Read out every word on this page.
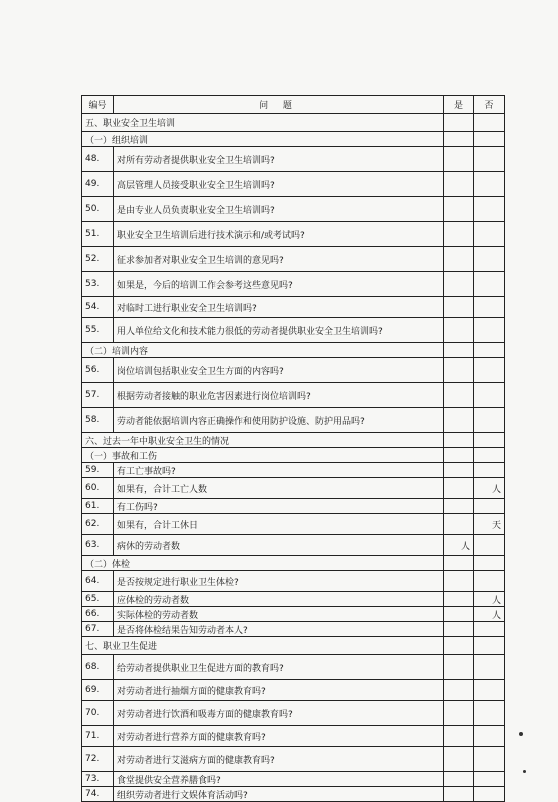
编号	问 题	是	否
五、职业安全卫生培训			
（一）组织培训			
48.	对所有劳动者提供职业安全卫生培训吗?		
49.	高层管理人员接受职业安全卫生培训吗?		
50.	是由专业人员负责职业安全卫生培训吗?		
51.	职业安全卫生培训后进行技术演示和/或考试吗?		
52.	征求参加者对职业安全卫生培训的意见吗?		
53.	如果是，今后的培训工作会参考这些意见吗?		
54.	对临时工进行职业安全卫生培训吗?		
55.	用人单位给文化和技术能力很低的劳动者提供职业安全卫生培训吗?		
（二）培训内容			
56.	岗位培训包括职业安全卫生方面的内容吗?		
57.	根据劳动者接触的职业危害因素进行岗位培训吗?		
58.	劳动者能依据培训内容正确操作和使用防护设施、防护用品吗?		
六、过去一年中职业安全卫生的情况			
（一）事故和工伤			
59.	有工亡事故吗?		
60.	如果有，合计工亡人数		人
61.	有工伤吗?		
62.	如果有，合计工休日		天
63.	病休的劳动者数	人	
（二）体检			
64.	是否按规定进行职业卫生体检?		
65.	应体检的劳动者数		人
66.	实际体检的劳动者数		人
67.	是否将体检结果告知劳动者本人?		
七、职业卫生促进			
68.	给劳动者提供职业卫生促进方面的教育吗?		
69.	对劳动者进行抽烟方面的健康教育吗?		
70.	对劳动者进行饮酒和吸毒方面的健康教育吗?		
71.	对劳动者进行营养方面的健康教育吗?		
72.	对劳动者进行艾滋病方面的健康教育吗?		
73.	食堂提供安全营养膳食吗?		
74.	组织劳动者进行文娱体育活动吗?		
